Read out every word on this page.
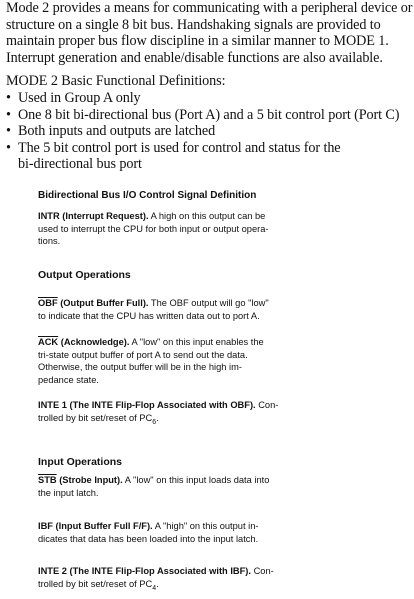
Mode 2 provides a means for communicating with a peripheral device or
structure on a single 8 bit bus. Handshaking signals are provided to
maintain proper bus flow discipline in a similar manner to MODE 1.
Interrupt generation and enable/disable functions are also available.
MODE 2 Basic Functional Definitions:
• Used in Group A only
• One 8 bit bi-directional bus (Port A) and a 5 bit control port (Port C)
• Both inputs and outputs are latched
• The 5 bit control port is used for control and status for the
bi-directional bus port
Bidirectional Bus I/O Control Signal Definition
INTR (Interrupt Request). A high on this output can be
used to interrupt the CPU for both input or output opera-
tions.
Output Operations
$\overline{OBF}$ (Output Buffer Full). The OBF output will go "low"
to indicate that the CPU has written data out to port A.
$\overline{ACK}$ (Acknowledge). A "low" on this input enables the
tri-state output buffer of port A to send out the data.
Otherwise, the output buffer will be in the high im-
pedance state.
INTE 1 (The INTE Flip-Flop Associated with OBF). Con-
trolled by bit set/reset of $PC_6$.
Input Operations
$\overline{STB}$ (Strobe Input). A "low" on this input loads data into
the input latch.
IBF (Input Buffer Full F/F). A "high" on this output in-
dicates that data has been loaded into the input latch.
INTE 2 (The INTE Flip-Flop Associated with IBF). Con-
trolled by bit set/reset of $PC_4$.
